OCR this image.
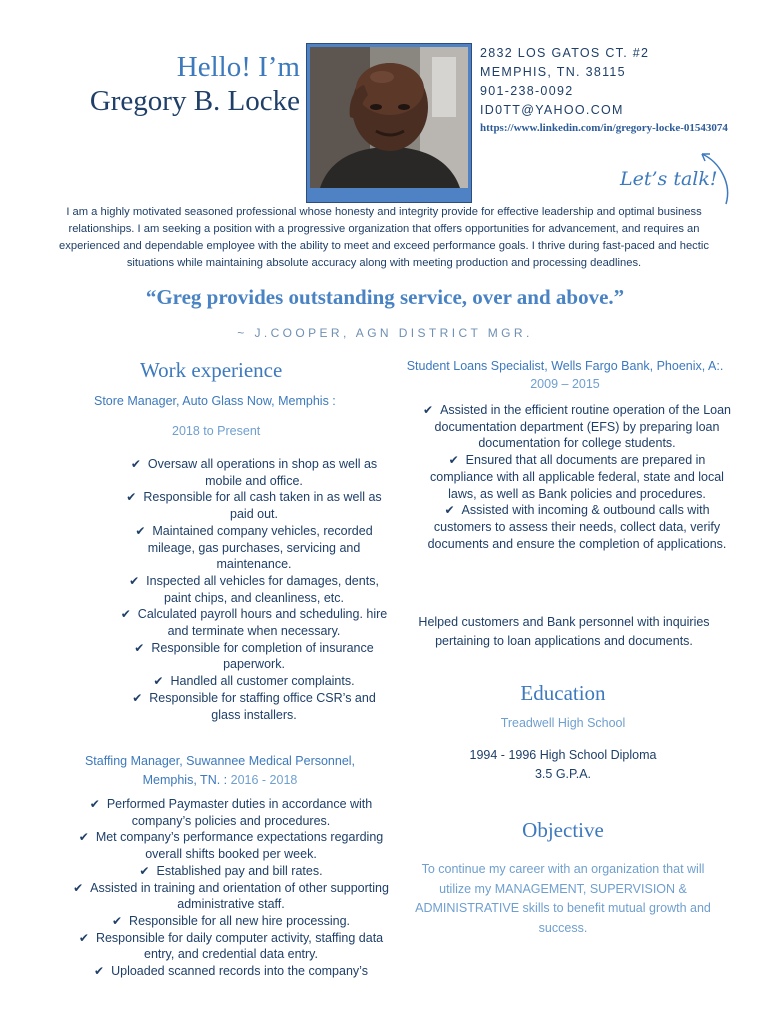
Hello! I’m
Gregory B. Locke
2832 LOS GATOS CT. #2
MEMPHIS, TN. 38115
901-238-0092
ID0TT@YAHOO.COM
https://www.linkedin.com/in/gregory-locke-01543074
Let’s talk!
I am a highly motivated seasoned professional whose honesty and integrity provide for effective leadership and optimal business relationships. I am seeking a position with a progressive organization that offers opportunities for advancement, and requires an experienced and dependable employee with the ability to meet and exceed performance goals. I thrive during fast-paced and hectic situations while maintaining absolute accuracy along with meeting production and processing deadlines.
“Greg provides outstanding service, over and above.”
~ J.COOPER, AGN DISTRICT MGR.
Work experience
Store Manager, Auto Glass Now, Memphis :
2018 to Present
✔ Oversaw all operations in shop as well as mobile and office.
✔ Responsible for all cash taken in as well as paid out.
✔ Maintained company vehicles, recorded mileage, gas purchases, servicing and maintenance.
✔ Inspected all vehicles for damages, dents, paint chips, and cleanliness, etc.
✔ Calculated payroll hours and scheduling. hire and terminate when necessary.
✔ Responsible for completion of insurance paperwork.
✔ Handled all customer complaints.
✔ Responsible for staffing office CSR’s and glass installers.
Staffing Manager, Suwannee Medical Personnel, Memphis, TN. : 2016 - 2018
✔ Performed Paymaster duties in accordance with company’s policies and procedures.
✔ Met company’s performance expectations regarding overall shifts booked per week.
✔ Established pay and bill rates.
✔ Assisted in training and orientation of other supporting administrative staff.
✔ Responsible for all new hire processing.
✔ Responsible for daily computer activity, staffing data entry, and credential data entry.
✔ Uploaded scanned records into the company’s
Student Loans Specialist, Wells Fargo Bank, Phoenix, A:.
2009 – 2015
✔ Assisted in the efficient routine operation of the Loan documentation department (EFS) by preparing loan documentation for college students.
✔ Ensured that all documents are prepared in compliance with all applicable federal, state and local laws, as well as Bank policies and procedures.
✔ Assisted with incoming & outbound calls with customers to assess their needs, collect data, verify documents and ensure the completion of applications.
Helped customers and Bank personnel with inquiries pertaining to loan applications and documents.
Education
Treadwell High School
1994 - 1996 High School Diploma
3.5 G.P.A.
Objective
To continue my career with an organization that will utilize my MANAGEMENT, SUPERVISION & ADMINISTRATIVE skills to benefit mutual growth and success.
